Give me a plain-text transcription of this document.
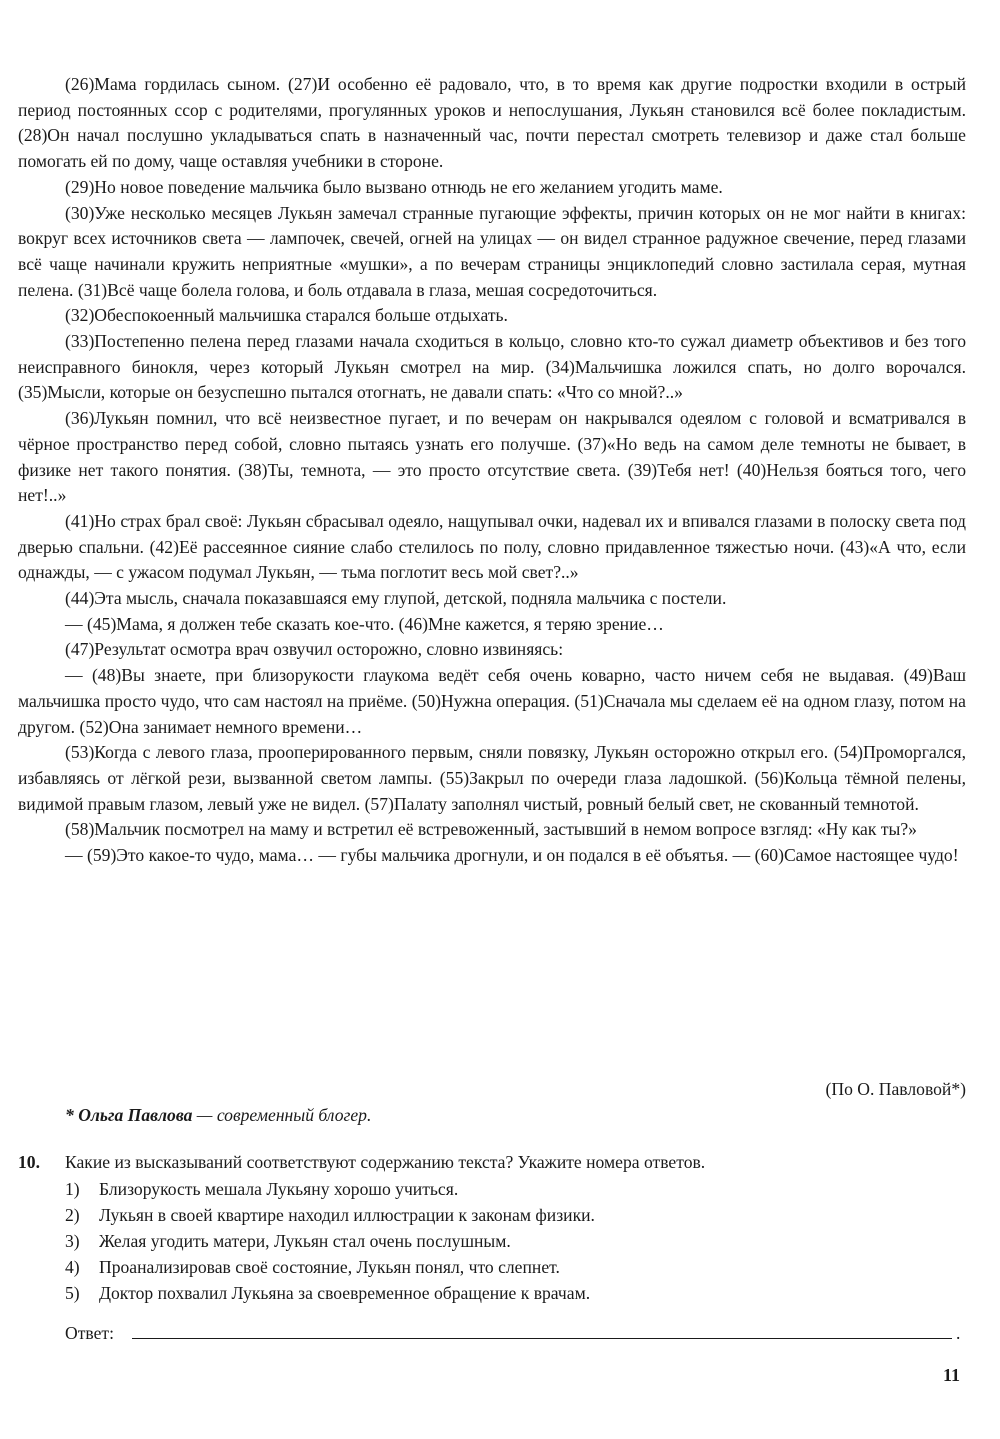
(26)Мама гордилась сыном. (27)И особенно её радовало, что, в то время как другие подростки входили в острый период постоянных ссор с родителями, прогулянных уроков и непослушания, Лукьян становился всё более покладистым. (28)Он начал послушно укладываться спать в назначенный час, почти перестал смотреть телевизор и даже стал больше помогать ей по дому, чаще оставляя учебники в стороне.

(29)Но новое поведение мальчика было вызвано отнюдь не его желанием угодить маме.

(30)Уже несколько месяцев Лукьян замечал странные пугающие эффекты, причин которых он не мог найти в книгах: вокруг всех источников света — лампочек, свечей, огней на улицах — он видел странное радужное свечение, перед глазами всё чаще начинали кружить неприятные «мушки», а по вечерам страницы энциклопедий словно застилала серая, мутная пелена. (31)Всё чаще болела голова, и боль отдавала в глаза, мешая сосредоточиться.

(32)Обеспокоенный мальчишка старался больше отдыхать.

(33)Постепенно пелена перед глазами начала сходиться в кольцо, словно кто-то сужал диаметр объективов и без того неисправного бинокля, через который Лукьян смотрел на мир. (34)Мальчишка ложился спать, но долго ворочался. (35)Мысли, которые он безуспешно пытался отогнать, не давали спать: «Что со мной?..»

(36)Лукьян помнил, что всё неизвестное пугает, и по вечерам он накрывался одеялом с головой и всматривался в чёрное пространство перед собой, словно пытаясь узнать его получше. (37)«Но ведь на самом деле темноты не бывает, в физике нет такого понятия. (38)Ты, темнота, — это просто отсутствие света. (39)Тебя нет! (40)Нельзя бояться того, чего нет!..»

(41)Но страх брал своё: Лукьян сбрасывал одеяло, нащупывал очки, надевал их и впивался глазами в полоску света под дверью спальни. (42)Её рассеянное сияние слабо стелилось по полу, словно придавленное тяжестью ночи. (43)«А что, если однажды, — с ужасом подумал Лукьян, — тьма поглотит весь мой свет?..»

(44)Эта мысль, сначала показавшаяся ему глупой, детской, подняла мальчика с постели.

— (45)Мама, я должен тебе сказать кое-что. (46)Мне кажется, я теряю зрение…

(47)Результат осмотра врач озвучил осторожно, словно извиняясь:

— (48)Вы знаете, при близорукости глаукома ведёт себя очень коварно, часто ничем себя не выдавая. (49)Ваш мальчишка просто чудо, что сам настоял на приёме. (50)Нужна операция. (51)Сначала мы сделаем её на одном глазу, потом на другом. (52)Она занимает немного времени…

(53)Когда с левого глаза, прооперированного первым, сняли повязку, Лукьян осторожно открыл его. (54)Проморгался, избавляясь от лёгкой рези, вызванной светом лампы. (55)Закрыл по очереди глаза ладошкой. (56)Кольца тёмной пелены, видимой правым глазом, левый уже не видел. (57)Палату заполнял чистый, ровный белый свет, не скованный темнотой.

(58)Мальчик посмотрел на маму и встретил её встревоженный, застывший в немом вопросе взгляд: «Ну как ты?»

— (59)Это какое-то чудо, мама… — губы мальчика дрогнули, и он подался в её объятья. — (60)Самое настоящее чудо!

(По О. Павловой*)
* Ольга Павлова — современный блогер.
10. Какие из высказываний соответствуют содержанию текста? Укажите номера ответов.
1) Близорукость мешала Лукьяну хорошо учиться.
2) Лукьян в своей квартире находил иллюстрации к законам физики.
3) Желая угодить матери, Лукьян стал очень послушным.
4) Проанализировав своё состояние, Лукьян понял, что слепнет.
5) Доктор похвалил Лукьяна за своевременное обращение к врачам.
Ответ:	.
11
